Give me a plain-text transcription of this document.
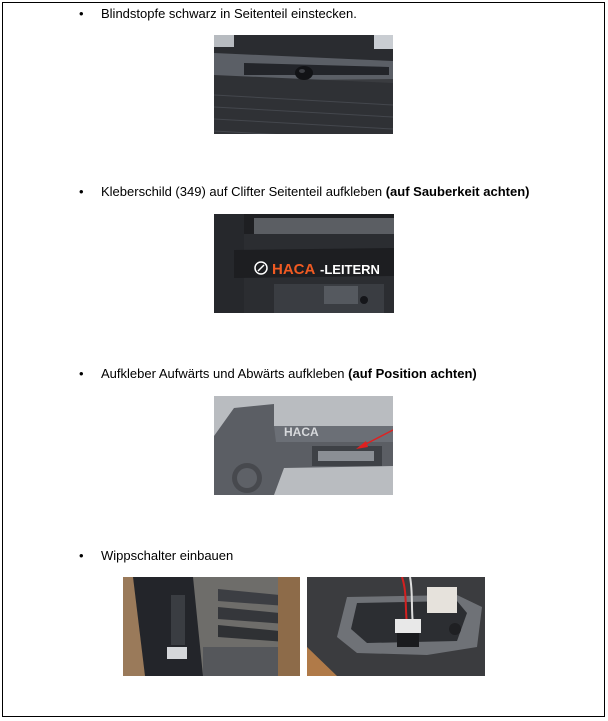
• Blindstopfe schwarz in Seitenteil einstecken.
• Kleberschild (349) auf Clifter Seitenteil aufkleben (auf Sauberkeit achten)
HACA -LEITERN
• Aufkleber Aufwärts und Abwärts aufkleben (auf Position achten)
HACA
• Wippschalter einbauen
